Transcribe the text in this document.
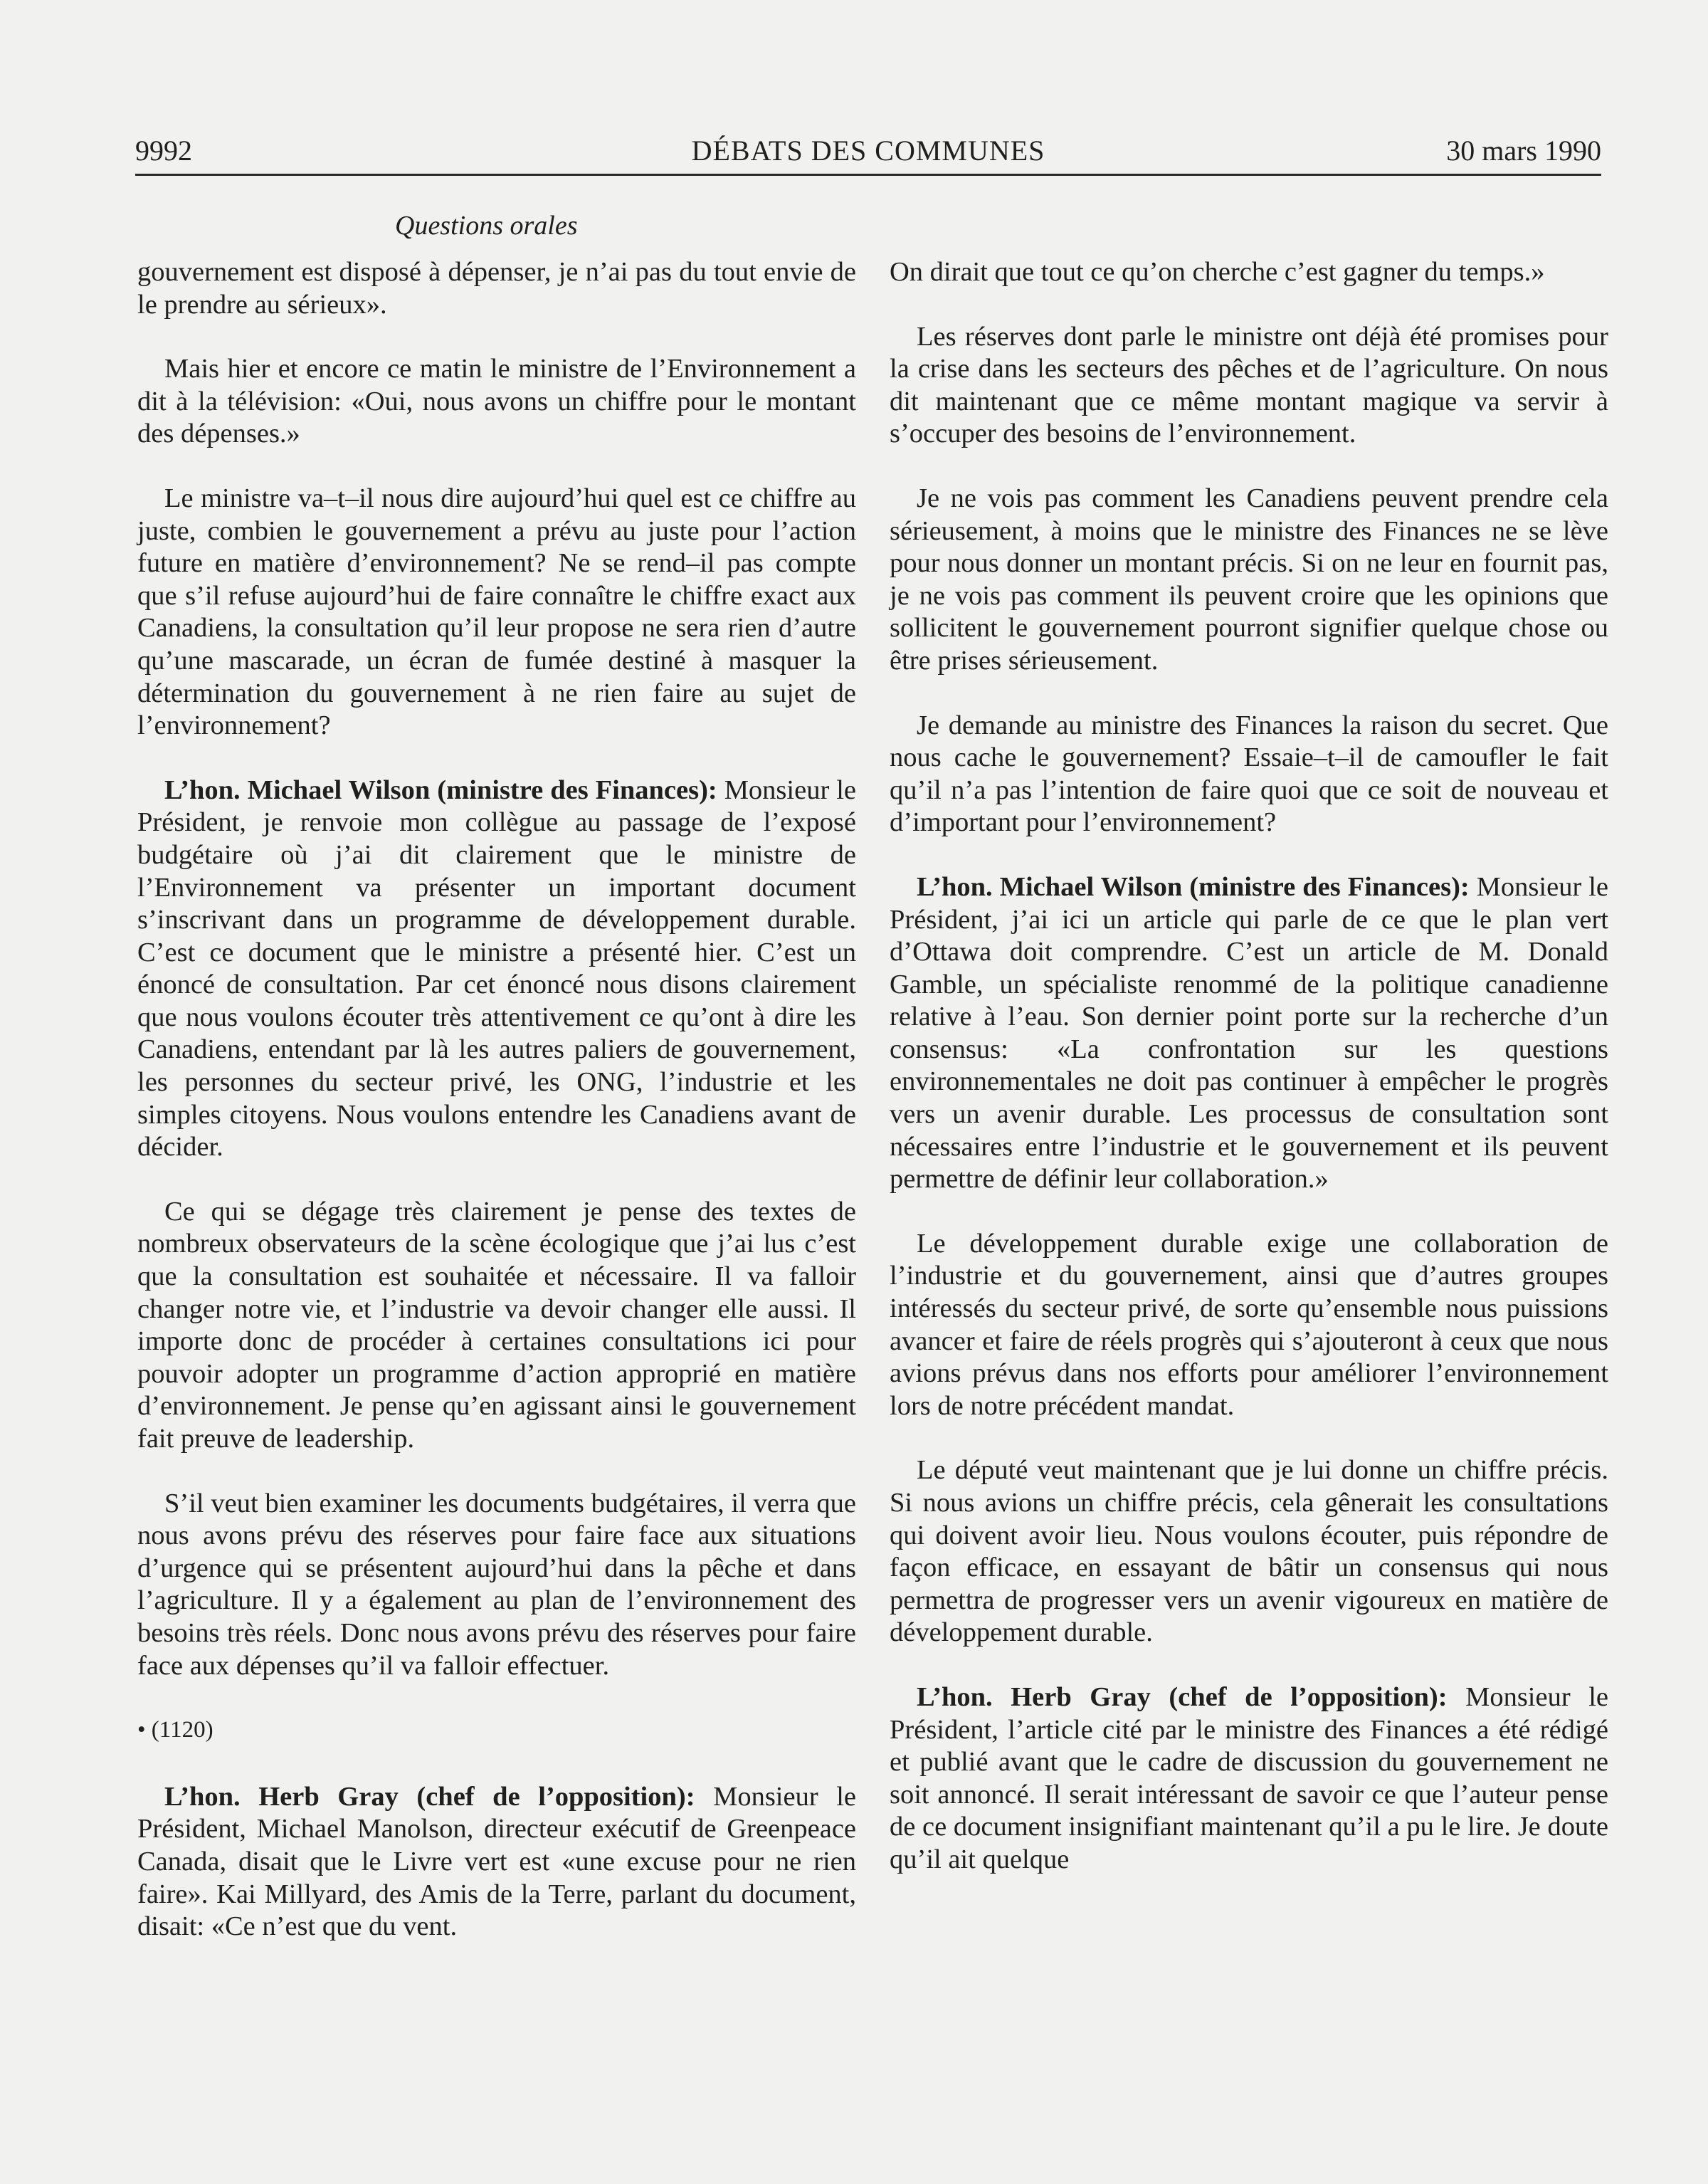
9992	DÉBATS DES COMMUNES	30 mars 1990
Questions orales

gouvernement est disposé à dépenser, je n’ai pas du tout envie de le prendre au sérieux».

Mais hier et encore ce matin le ministre de l’Environnement a dit à la télévision: «Oui, nous avons un chiffre pour le montant des dépenses.»

Le ministre va–t–il nous dire aujourd’hui quel est ce chiffre au juste, combien le gouvernement a prévu au juste pour l’action future en matière d’environnement? Ne se rend–il pas compte que s’il refuse aujourd’hui de faire connaître le chiffre exact aux Canadiens, la consultation qu’il leur propose ne sera rien d’autre qu’une mascarade, un écran de fumée destiné à masquer la détermination du gouvernement à ne rien faire au sujet de l’environnement?

L’hon. Michael Wilson (ministre des Finances): Monsieur le Président, je renvoie mon collègue au passage de l’exposé budgétaire où j’ai dit clairement que le ministre de l’Environnement va présenter un important document s’inscrivant dans un programme de développement durable. C’est ce document que le ministre a présenté hier. C’est un énoncé de consultation. Par cet énoncé nous disons clairement que nous voulons écouter très attentivement ce qu’ont à dire les Canadiens, entendant par là les autres paliers de gouvernement, les personnes du secteur privé, les ONG, l’industrie et les simples citoyens. Nous voulons entendre les Canadiens avant de décider.

Ce qui se dégage très clairement je pense des textes de nombreux observateurs de la scène écologique que j’ai lus c’est que la consultation est souhaitée et nécessaire. Il va falloir changer notre vie, et l’industrie va devoir changer elle aussi. Il importe donc de procéder à certaines consultations ici pour pouvoir adopter un programme d’action approprié en matière d’environnement. Je pense qu’en agissant ainsi le gouvernement fait preuve de leadership.

S’il veut bien examiner les documents budgétaires, il verra que nous avons prévu des réserves pour faire face aux situations d’urgence qui se présentent aujourd’hui dans la pêche et dans l’agriculture. Il y a également au plan de l’environnement des besoins très réels. Donc nous avons prévu des réserves pour faire face aux dépenses qu’il va falloir effectuer.

• (1120)

L’hon. Herb Gray (chef de l’opposition): Monsieur le Président, Michael Manolson, directeur exécutif de Greenpeace Canada, disait que le Livre vert est «une excuse pour ne rien faire». Kai Millyard, des Amis de la Terre, parlant du document, disait: «Ce n’est que du vent.

On dirait que tout ce qu’on cherche c’est gagner du temps.»

Les réserves dont parle le ministre ont déjà été promises pour la crise dans les secteurs des pêches et de l’agriculture. On nous dit maintenant que ce même montant magique va servir à s’occuper des besoins de l’environnement.

Je ne vois pas comment les Canadiens peuvent prendre cela sérieusement, à moins que le ministre des Finances ne se lève pour nous donner un montant précis. Si on ne leur en fournit pas, je ne vois pas comment ils peuvent croire que les opinions que sollicitent le gouvernement pourront signifier quelque chose ou être prises sérieusement.

Je demande au ministre des Finances la raison du secret. Que nous cache le gouvernement? Essaie–t–il de camoufler le fait qu’il n’a pas l’intention de faire quoi que ce soit de nouveau et d’important pour l’environnement?

L’hon. Michael Wilson (ministre des Finances): Monsieur le Président, j’ai ici un article qui parle de ce que le plan vert d’Ottawa doit comprendre. C’est un article de M. Donald Gamble, un spécialiste renommé de la politique canadienne relative à l’eau. Son dernier point porte sur la recherche d’un consensus: «La confrontation sur les questions environnementales ne doit pas continuer à empêcher le progrès vers un avenir durable. Les processus de consultation sont nécessaires entre l’industrie et le gouvernement et ils peuvent permettre de définir leur collaboration.»

Le développement durable exige une collaboration de l’industrie et du gouvernement, ainsi que d’autres groupes intéressés du secteur privé, de sorte qu’ensemble nous puissions avancer et faire de réels progrès qui s’ajouteront à ceux que nous avions prévus dans nos efforts pour améliorer l’environnement lors de notre précédent mandat.

Le député veut maintenant que je lui donne un chiffre précis. Si nous avions un chiffre précis, cela gênerait les consultations qui doivent avoir lieu. Nous voulons écouter, puis répondre de façon efficace, en essayant de bâtir un consensus qui nous permettra de progresser vers un avenir vigoureux en matière de développement durable.

L’hon. Herb Gray (chef de l’opposition): Monsieur le Président, l’article cité par le ministre des Finances a été rédigé et publié avant que le cadre de discussion du gouvernement ne soit annoncé. Il serait intéressant de savoir ce que l’auteur pense de ce document insignifiant maintenant qu’il a pu le lire. Je doute qu’il ait quelque
